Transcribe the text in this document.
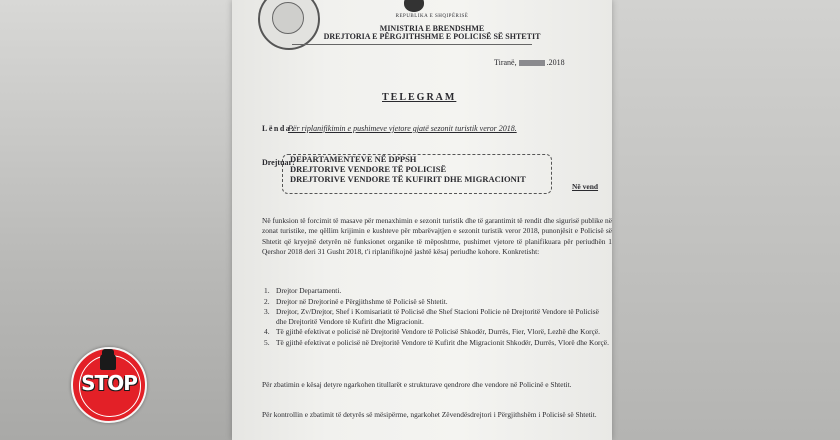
REPUBLIKA E SHQIPËRISË
MINISTRIA E BRENDSHME
DREJTORIA E PËRGJITHSHME E POLICISË SË SHTETIT
Tiranë,	.2018
TELEGRAM
Lënda:
Për riplanifikimin e pushimeve vjetore gjatë sezonit turistik veror 2018.
Drejtuar:
DEPARTAMENTEVE NË DPPSH
DREJTORIVE VENDORE TË POLICISË
DREJTORIVE VENDORE TË KUFIRIT DHE MIGRACIONIT
Në vend
Në funksion të forcimit të masave për menaxhimin e sezonit turistik dhe të garantimit të rendit dhe sigurisë publike në zonat turistike, me qëllim krijimin e kushteve për mbarëvajtjen e sezonit turistik veror 2018, punonjësit e Policisë së Shtetit që kryejnë detyrën në funksionet organike të mëposhtme, pushimet vjetore të planifikuara për periudhën 1 Qershor 2018 deri 31 Gusht 2018, t'i riplanifikojnë jashtë kësaj periudhe kohore. Konkretisht:
1. Drejtor Departamenti.
2. Drejtor në Drejtorinë e Përgjithshme të Policisë së Shtetit.
3. Drejtor, Zv/Drejtor, Shef i Komisariatit të Policisë dhe Shef Stacioni Policie në Drejtoritë Vendore të Policisë dhe Drejtoritë Vendore të Kufirit dhe Migracionit.
4. Të gjithë efektivat e policisë në Drejtoritë Vendore të Policisë Shkodër, Durrës, Fier, Vlorë, Lezhë dhe Korçë.
5. Të gjithë efektivat e policisë në Drejtoritë Vendore të Kufirit dhe Migracionit Shkodër, Durrës, Vlorë dhe Korçë.
Për zbatimin e kësaj detyre ngarkohen titullarët e strukturave qendrore dhe vendore në Policinë e Shtetit.
Për kontrollin e zbatimit të detyrës së mësipërme, ngarkohet Zëvendësdrejtori i Përgjithshëm i Policisë së Shtetit.
STOP
